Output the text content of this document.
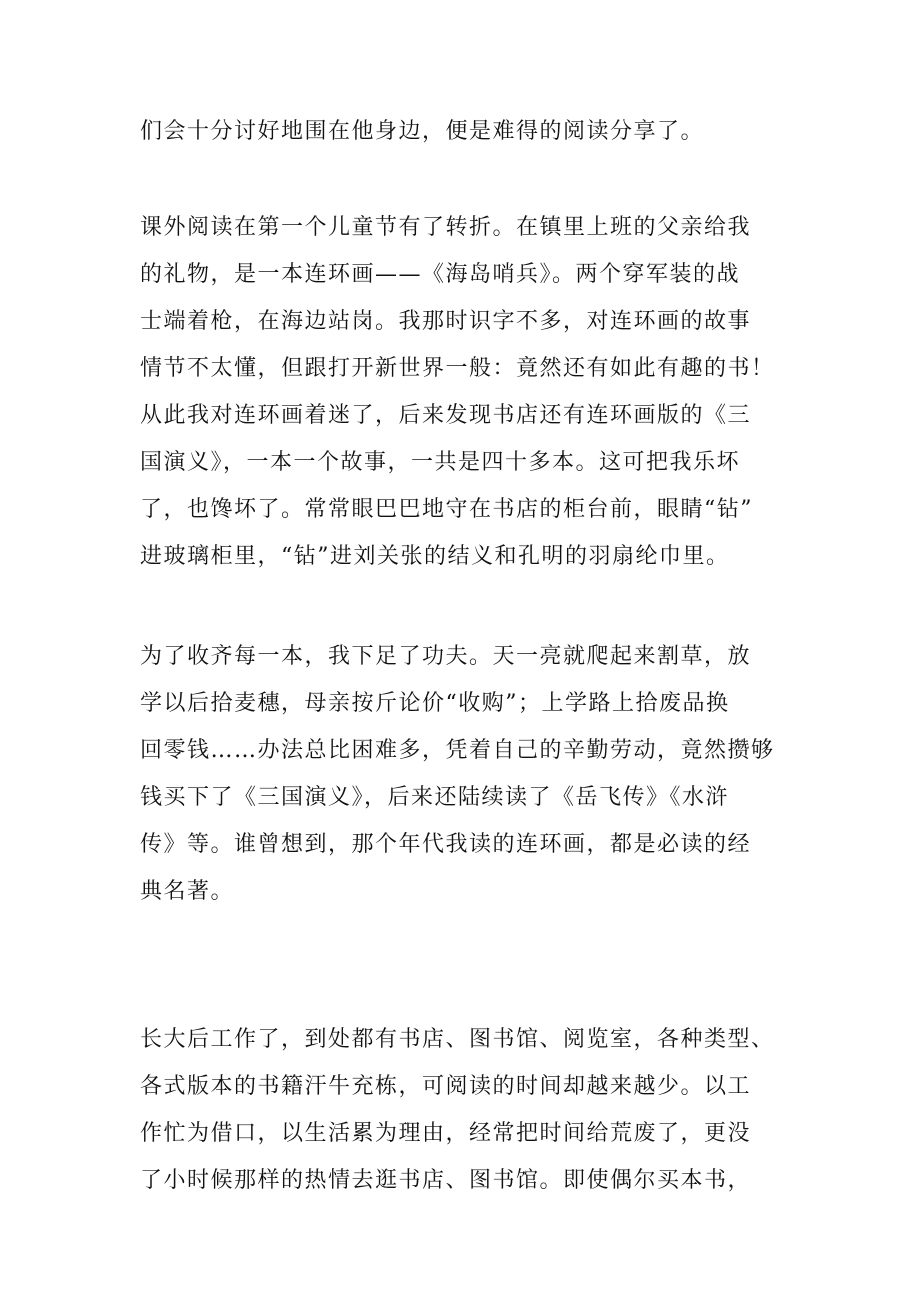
们会十分讨好地围在他身边，便是难得的阅读分享了。

课外阅读在第一个儿童节有了转折。在镇里上班的父亲给我

的礼物，是一本连环画——《海岛哨兵》。两个穿军装的战

士端着枪，在海边站岗。我那时识字不多，对连环画的故事

情节不太懂，但跟打开新世界一般：竟然还有如此有趣的书！

从此我对连环画着迷了，后来发现书店还有连环画版的《三

国演义》，一本一个故事，一共是四十多本。这可把我乐坏

了，也馋坏了。常常眼巴巴地守在书店的柜台前，眼睛“钻”

进玻璃柜里，“钻”进刘关张的结义和孔明的羽扇纶巾里。

为了收齐每一本，我下足了功夫。天一亮就爬起来割草，放

学以后拾麦穗，母亲按斤论价“收购”；上学路上拾废品换

回零钱……办法总比困难多，凭着自己的辛勤劳动，竟然攒够

钱买下了《三国演义》，后来还陆续读了《岳飞传》《水浒

传》等。谁曾想到，那个年代我读的连环画，都是必读的经

典名著。

长大后工作了，到处都有书店、图书馆、阅览室，各种类型、

各式版本的书籍汗牛充栋，可阅读的时间却越来越少。以工

作忙为借口，以生活累为理由，经常把时间给荒废了，更没

了小时候那样的热情去逛书店、图书馆。即使偶尔买本书，
